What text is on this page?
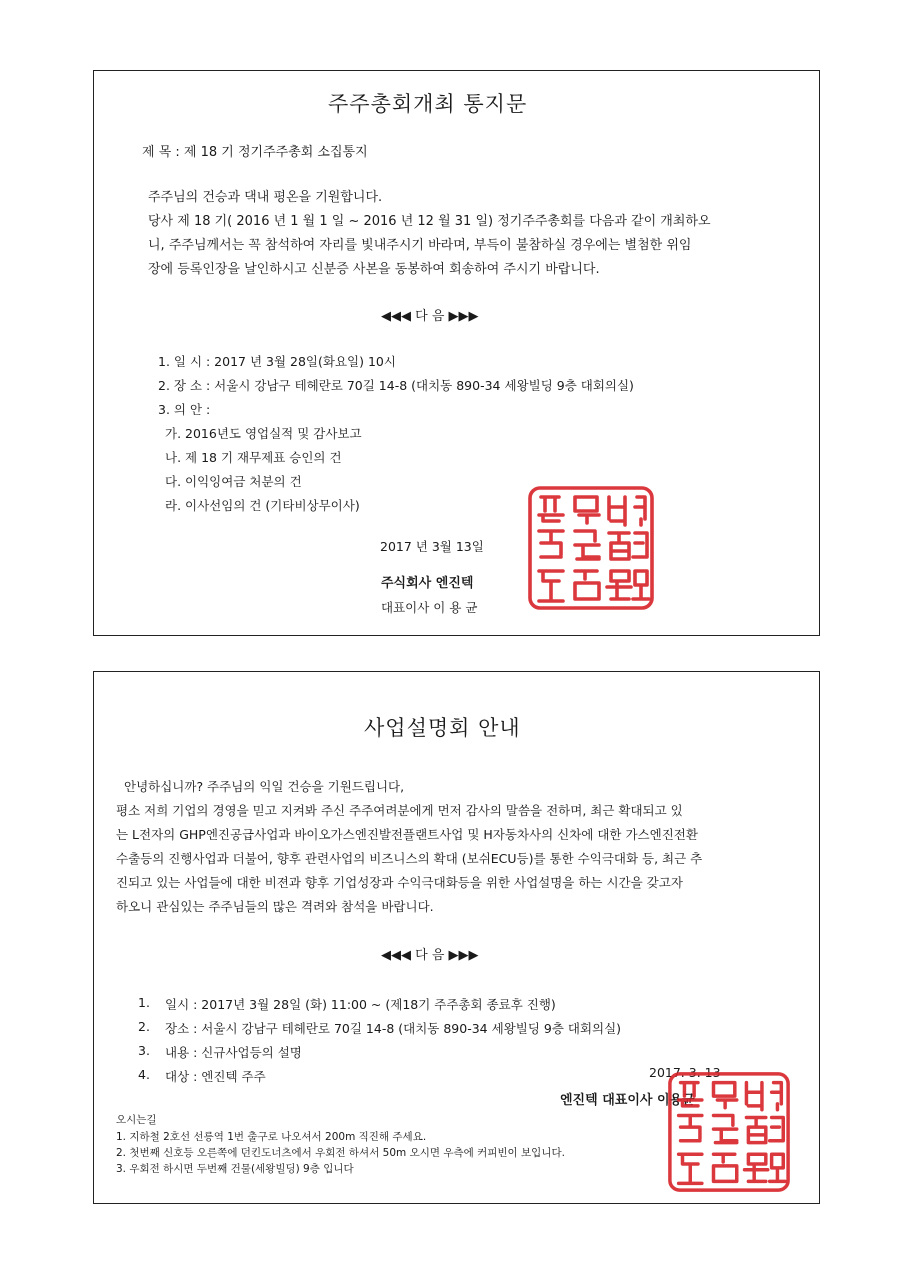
주주총회개최 통지문
제 목 : 제 18 기 정기주주총회 소집통지
주주님의 건승과 댁내 평온을 기원합니다.
당사 제 18 기( 2016 년 1 월 1 일 ~ 2016 년 12 월 31 일) 정기주주총회를 다음과 같이 개최하오
니, 주주님께서는 꼭 참석하여 자리를 빛내주시기 바라며, 부득이 불참하실 경우에는 별첨한 위임
장에 등록인장을 날인하시고 신분증 사본을 동봉하여 회송하여 주시기 바랍니다.
◀◀◀ 다 음 ▶▶▶
1. 일 시 : 2017 년 3월 28일(화요일) 10시
2. 장 소 : 서울시 강남구 테헤란로 70길 14-8 (대치동 890-34 세왕빌딩 9층 대회의실)
3. 의 안 :
가. 2016년도 영업실적 및 감사보고
나. 제 18 기 재무제표 승인의 건
다. 이익잉여금 처분의 건
라. 이사선임의 건 (기타비상무이사)
2017 년 3월 13일
주식회사 엔진텍
대표이사 이 용 균
사업설명회 안내
안녕하십니까? 주주님의 익일 건승을 기원드립니다,
평소 저희 기업의 경영을 믿고 지켜봐 주신 주주여려분에게 먼저 감사의 말씀을 전하며, 최근 확대되고 있
는 L전자의 GHP엔진공급사업과 바이오가스엔진발전플랜트사업 및 H자동차사의 신차에 대한 가스엔진전환
수출등의 진행사업과 더불어, 향후 관련사업의 비즈니스의 확대 (보쉬ECU등)를 통한 수익극대화 등, 최근 추
진되고 있는 사업들에 대한 비젼과 향후 기업성장과 수익극대화등을 위한 사업설명을 하는 시간을 갖고자
하오니 관심있는 주주님들의 많은 격려와 참석을 바랍니다.
◀◀◀ 다 음 ▶▶▶
1. 일시 : 2017년 3월 28일 (화) 11:00 ~ (제18기 주주총회 종료후 진행)
2. 장소 : 서울시 강남구 테헤란로 70길 14-8 (대치동 890-34 세왕빌딩 9층 대회의실)
3. 내용 : 신규사업등의 설명
4. 대상 : 엔진텍 주주	2017. 3. 13
엔진텍 대표이사 이용균
오시는길
1. 지하철 2호선 선릉역 1번 출구로 나오셔서 200m 직진해 주세요.
2. 첫번째 신호등 오른쪽에 던킨도너츠에서 우회전 하셔서 50m 오시면 우측에 커피빈이 보입니다.
3. 우회전 하시면 두번째 건물(세왕빌딩) 9층 입니다
